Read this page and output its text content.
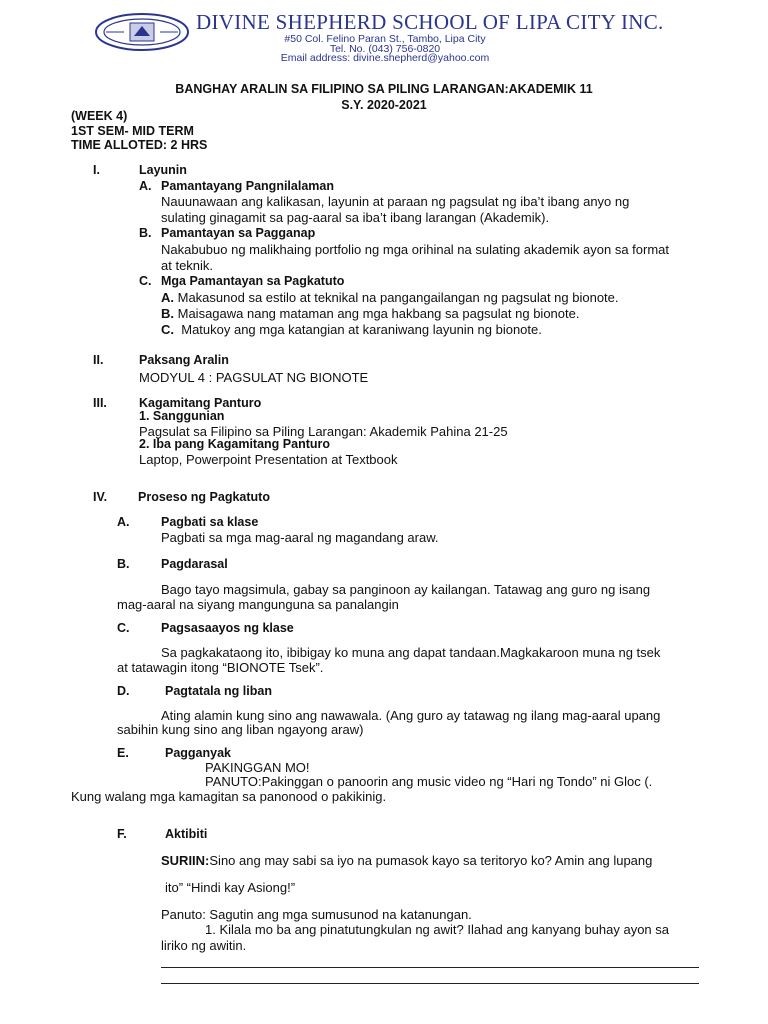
DIVINE SHEPHERD SCHOOL OF LIPA CITY INC.
#50 Col. Felino Paran St., Tambo, Lipa City
Tel. No. (043) 756-0820
Email address: divine.shepherd@yahoo.com
BANGHAY ARALIN SA FILIPINO SA PILING LARANGAN:AKADEMIK 11
S.Y. 2020-2021
(WEEK 4)
1ST SEM- MID TERM
TIME ALLOTED: 2 HRS
I.	Layunin
A. Pamantayang Pangnilalaman
Nauunawaan ang kalikasan, layunin at paraan ng pagsulat ng iba’t ibang anyo ng
sulating ginagamit sa pag-aaral sa iba’t ibang larangan (Akademik).
B. Pamantayan sa Pagganap
Nakabubuo ng malikhaing portfolio ng mga orihinal na sulating akademik ayon sa format
at teknik.
C. Mga Pamantayan sa Pagkatuto
A. Makasunod sa estilo at teknikal na pangangailangan ng pagsulat ng bionote.
B. Maisagawa nang mataman ang mga hakbang sa pagsulat ng bionote.
C. Matukoy ang mga katangian at karaniwang layunin ng bionote.
II.	Paksang Aralin
MODYUL 4 : PAGSULAT NG BIONOTE
III.	Kagamitang Panturo
1. Sanggunian
Pagsulat sa Filipino sa Piling Larangan: Akademik Pahina 21-25
2. Iba pang Kagamitang Panturo
Laptop, Powerpoint Presentation at Textbook
IV. Proseso ng Pagkatuto
A.	Pagbati sa klase
Pagbati sa mga mag-aaral ng magandang araw.
B.	Pagdarasal
Bago tayo magsimula, gabay sa panginoon ay kailangan. Tatawag ang guro ng isang
mag-aaral na siyang mangunguna sa panalangin
C.	Pagsasaayos ng klase
Sa pagkakataong ito, ibibigay ko muna ang dapat tandaan.Magkakaroon muna ng tsek
at tatawagin itong “BIONOTE Tsek”.
D.	Pagtatala ng liban
Ating alamin kung sino ang nawawala. (Ang guro ay tatawag ng ilang mag-aaral upang
sabihin kung sino ang liban ngayong araw)
E.	Pagganyak
PAKINGGAN MO!
PANUTO:Pakinggan o panoorin ang music video ng “Hari ng Tondo” ni Gloc (.
Kung walang mga kamagitan sa panonood o pakikinig.
F.	Aktibiti
SURIIN:Sino ang may sabi sa iyo na pumasok kayo sa teritoryo ko? Amin ang lupang
ito” “Hindi kay Asiong!”
Panuto: Sagutin ang mga sumusunod na katanungan.
1. Kilala mo ba ang pinatutungkulan ng awit? Ilahad ang kanyang buhay ayon sa
liriko ng awitin.
